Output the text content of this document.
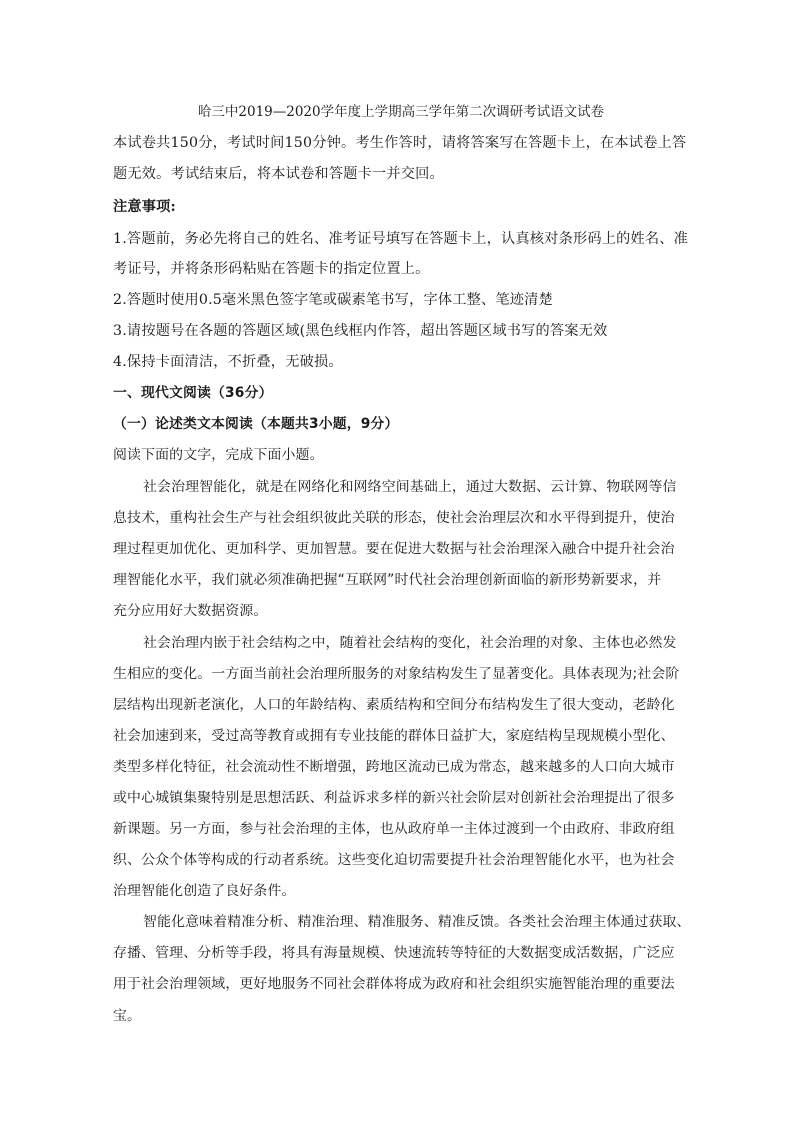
哈三中2019—2020学年度上学期高三学年第二次调研考试语文试卷
本试卷共150分，考试时间150分钟。考生作答时，请将答案写在答题卡上，在本试卷上答
题无效。考试结束后，将本试卷和答题卡一并交回。
注意事项:
1.答题前，务必先将自己的姓名、准考证号填写在答题卡上，认真核对条形码上的姓名、准
考证号，并将条形码粘贴在答题卡的指定位置上。
2.答题时使用0.5毫米黑色签字笔或碳素笔书写，字体工整、笔迹清楚
3.请按题号在各题的答题区域(黑色线框内作答，超出答题区域书写的答案无效
4.保持卡面清洁，不折叠，无破损。
一、现代文阅读（36分）
（一）论述类文本阅读（本题共3小题，9分）
阅读下面的文字，完成下面小题。
社会治理智能化，就是在网络化和网络空间基础上，通过大数据、云计算、物联网等信
息技术，重构社会生产与社会组织彼此关联的形态，使社会治理层次和水平得到提升，使治
理过程更加优化、更加科学、更加智慧。要在促进大数据与社会治理深入融合中提升社会治
理智能化水平，我们就必须准确把握“互联网”时代社会治理创新面临的新形势新要求，并
充分应用好大数据资源。
社会治理内嵌于社会结构之中，随着社会结构的变化，社会治理的对象、主体也必然发
生相应的变化。一方面当前社会治理所服务的对象结构发生了显著变化。具体表现为;社会阶
层结构出现新老演化，人口的年龄结构、素质结构和空间分布结构发生了很大变动，老龄化
社会加速到来，受过高等教育或拥有专业技能的群体日益扩大，家庭结构呈现规模小型化、
类型多样化特征，社会流动性不断增强，跨地区流动已成为常态，越来越多的人口向大城市
或中心城镇集聚特别是思想活跃、利益诉求多样的新兴社会阶层对创新社会治理提出了很多
新课题。另一方面，参与社会治理的主体，也从政府单一主体过渡到一个由政府、非政府组
织、公众个体等构成的行动者系统。这些变化迫切需要提升社会治理智能化水平，也为社会
治理智能化创造了良好条件。
智能化意味着精准分析、精准治理、精准服务、精准反馈。各类社会治理主体通过获取、
存播、管理、分析等手段，将具有海量规模、快速流转等特征的大数据变成活数据，广泛应
用于社会治理领域，更好地服务不同社会群体将成为政府和社会组织实施智能治理的重要法
宝。
